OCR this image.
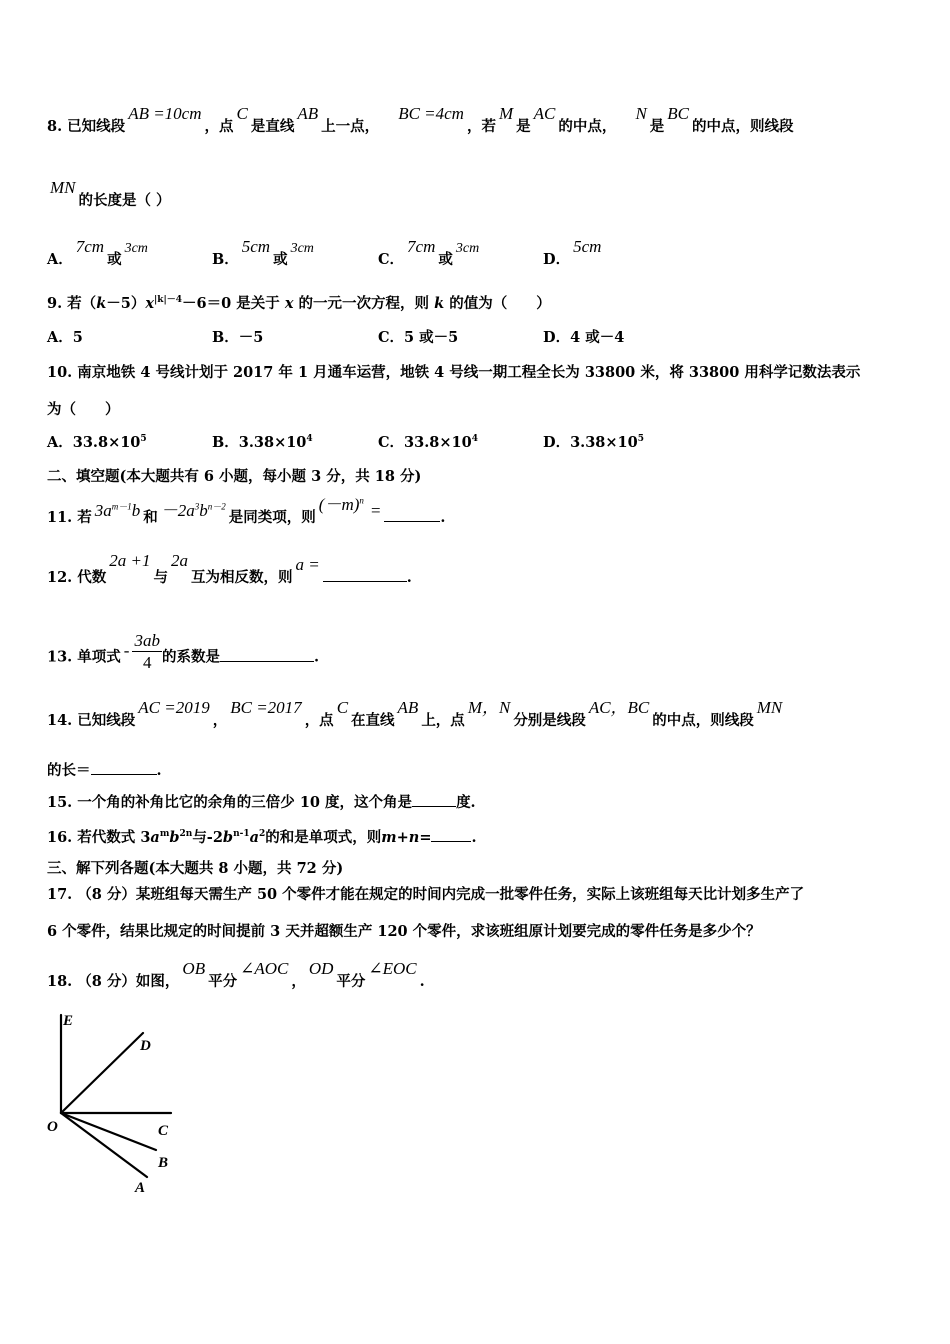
8. 已知线段AB =10cm，点C是直线AB上一点， BC =4cm，若M是AC的中点， N是BC的中点，则线段
MN的长度是（ ）
A．7cm或3cm
B．5cm或3cm
C．7cm或3cm
D．5cm
9. 若$(k-5)x^{|k|-4}-6=0$ 是关于 x 的一元一次方程，则 k 的值为（　　）
A．5	B．－5	C．5 或－5	D．4 或－4
10. 南京地铁 4 号线计划于 2017 年 1 月通车运营，地铁 4 号线一期工程全长为 33800 米，将 33800 用科学记数法表示
为（　　）
A．$33.8\times 10^5$	B．$3.38\times 10^4$	C．$33.8\times 10^4$	D．$3.38\times 10^5$
二、填空题(本大题共有 6 小题，每小题 3 分，共 18 分)
11. 若 $3a^{m-1}b$ 和 $-2a^3b^{n-2}$是同类项，则$(-m)^n=$	.
12. 代数2a +1与2a互为相反数，则a =.
13. 单项式 - $\frac{3ab}{4}$ 的系数是	.
14. 已知线段AC =2019，BC =2017，点C在直线AB上，点M，N分别是线段AC，BC的中点，则线段MN
的长＝	.
15. 一个角的补角比它的余角的三倍少 10 度，这个角是	度.
16. 若代数式 $3a^mb^{2n}$与$-2b^{n-1}a^2$的和是单项式，则m+n=	.
三、解下列各题(本大题共 8 小题，共 72 分)
17. （8 分）某班组每天需生产 50 个零件才能在规定的时间内完成一批零件任务，实际上该班组每天比计划多生产了
6 个零件，结果比规定的时间提前 3 天并超额生产 120 个零件，求该班组原计划要完成的零件任务是多少个？
18. （8 分）如图，OB平分∠AOC，OD平分∠EOC.
E
D
O	C
B
A
